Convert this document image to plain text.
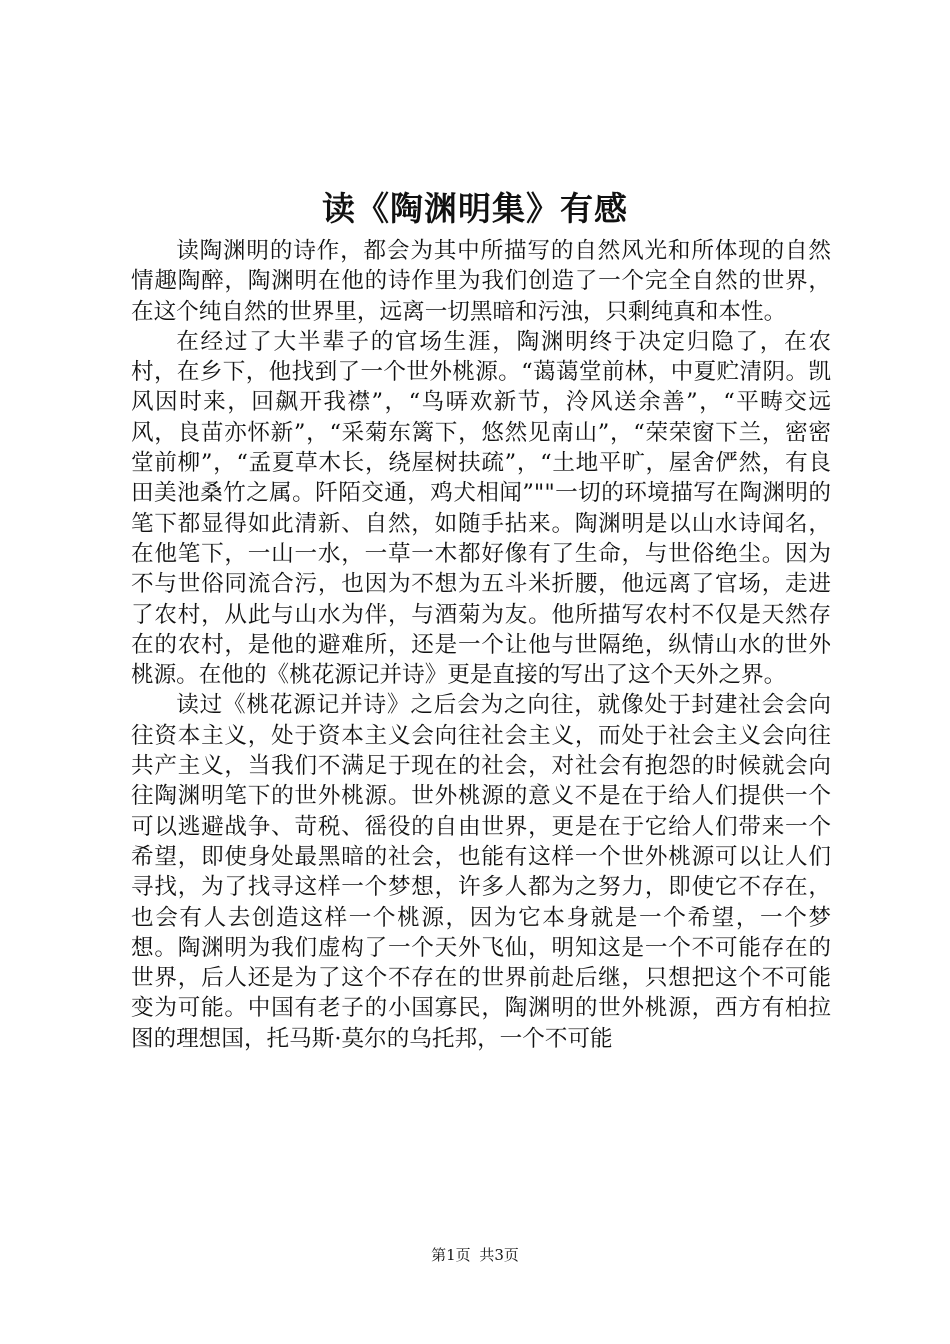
读《陶渊明集》有感

读陶渊明的诗作，都会为其中所描写的自然风光和所体现的自然情趣陶醉，陶渊明在他的诗作里为我们创造了一个完全自然的世界，在这个纯自然的世界里，远离一切黑暗和污浊，只剩纯真和本性。

在经过了大半辈子的官场生涯，陶渊明终于决定归隐了，在农村，在乡下，他找到了一个世外桃源。“蔼蔼堂前林，中夏贮清阴。凯风因时来，回飙开我襟”，“鸟哢欢新节，泠风送余善”，“平畴交远风，良苗亦怀新”，“采菊东篱下，悠然见南山”，“荣荣窗下兰，密密堂前柳”，“孟夏草木长，绕屋树扶疏”，“土地平旷，屋舍俨然，有良田美池桑竹之属。阡陌交通，鸡犬相闻”""一切的环境描写在陶渊明的笔下都显得如此清新、自然，如随手拈来。陶渊明是以山水诗闻名，在他笔下，一山一水，一草一木都好像有了生命，与世俗绝尘。因为不与世俗同流合污，也因为不想为五斗米折腰，他远离了官场，走进了农村，从此与山水为伴，与酒菊为友。他所描写农村不仅是天然存在的农村，是他的避难所，还是一个让他与世隔绝，纵情山水的世外桃源。在他的《桃花源记并诗》更是直接的写出了这个天外之界。

读过《桃花源记并诗》之后会为之向往，就像处于封建社会会向往资本主义，处于资本主义会向往社会主义，而处于社会主义会向往共产主义，当我们不满足于现在的社会，对社会有抱怨的时候就会向往陶渊明笔下的世外桃源。世外桃源的意义不是在于给人们提供一个可以逃避战争、苛税、徭役的自由世界，更是在于它给人们带来一个希望，即使身处最黑暗的社会，也能有这样一个世外桃源可以让人们寻找，为了找寻这样一个梦想，许多人都为之努力，即使它不存在，也会有人去创造这样一个桃源，因为它本身就是一个希望，一个梦想。陶渊明为我们虚构了一个天外飞仙，明知这是一个不可能存在的世界，后人还是为了这个不存在的世界前赴后继，只想把这个不可能变为可能。中国有老子的小国寡民，陶渊明的世外桃源，西方有柏拉图的理想国，托马斯·莫尔的乌托邦，一个不可能

第1页 共3页
